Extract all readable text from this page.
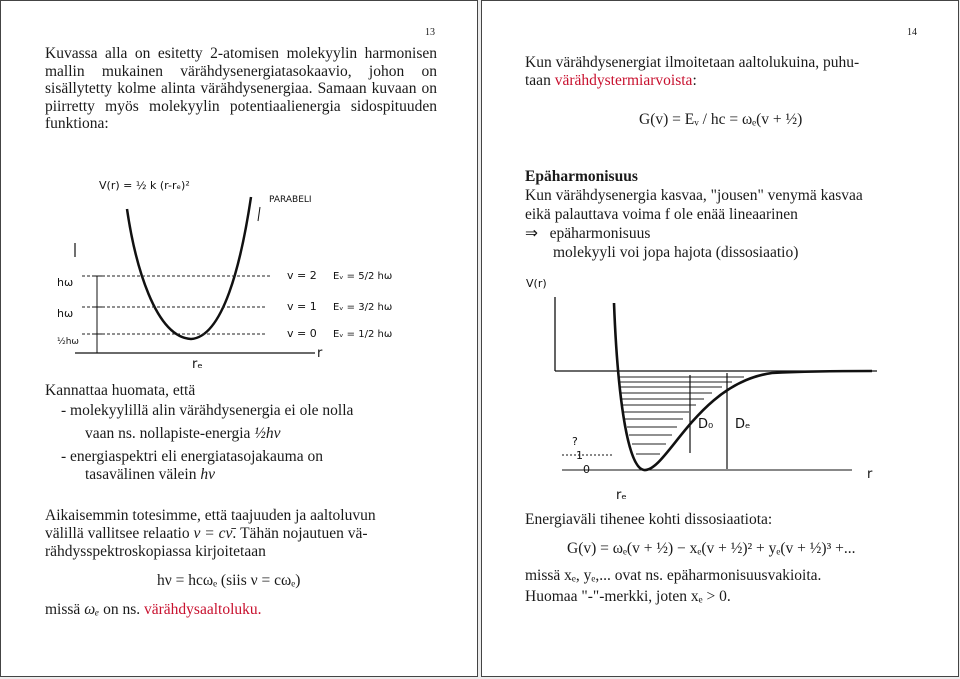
13

Kuvassa alla on esitetty 2-atomisen molekyylin harmonisen mallin mukainen värähdysenergiatasokaavio, johon on sisällytetty kolme alinta värähdysenergiaa. Samaan kuvaan on piirretty myös molekyylin potentiaalienergia sidospituuden funktiona:

V(r) = ½ k (r-rₑ)²
PARABELI
hω
hω
½hω
v = 2 Eᵥ = 5/2 hω
v = 1 Eᵥ = 3/2 hω
v = 0 Eᵥ = 1/2 hω
rₑ
r
Kannattaa huomata, että
- molekyylillä alin värähdysenergia ei ole nolla
vaan ns. nollapiste-energia ½hν
- energiaspektri eli energiatasojakauma on
tasavälinen välein hν
Aikaisemmin totesimme, että taajuuden ja aaltoluvun
välillä vallitsee relaatio ν = cν̄. Tähän nojautuen vä-
rähdysspektroskopiassa kirjoitetaan
hν = hcωₑ (siis ν = cωₑ)
missä ωₑ on ns. värähdysaaltoluku.
14
Kun värähdysenergiat ilmoitetaan aaltolukuina, puhu-
taan värähdystermiarvoista:
G(v) = Eᵥ / hc = ωₑ(v + ½)
Epäharmonisuus
Kun värähdysenergia kasvaa, "jousen" venymä kasvaa
eikä palauttava voima f ole enää lineaarinen
⇒ epäharmonisuus
molekyyli voi jopa hajota (dissosiaatio)
V(r)
D₀ Dₑ
?
1
0
rₑ
r
Energiaväli tihenee kohti dissosiaatiota:
G(v) = ωₑ(v + ½) − xₑ(v + ½)² + yₑ(v + ½)³ +...
missä xₑ, yₑ,... ovat ns. epäharmonisuusvakioita.
Huomaa "-"-merkki, joten xₑ > 0.
